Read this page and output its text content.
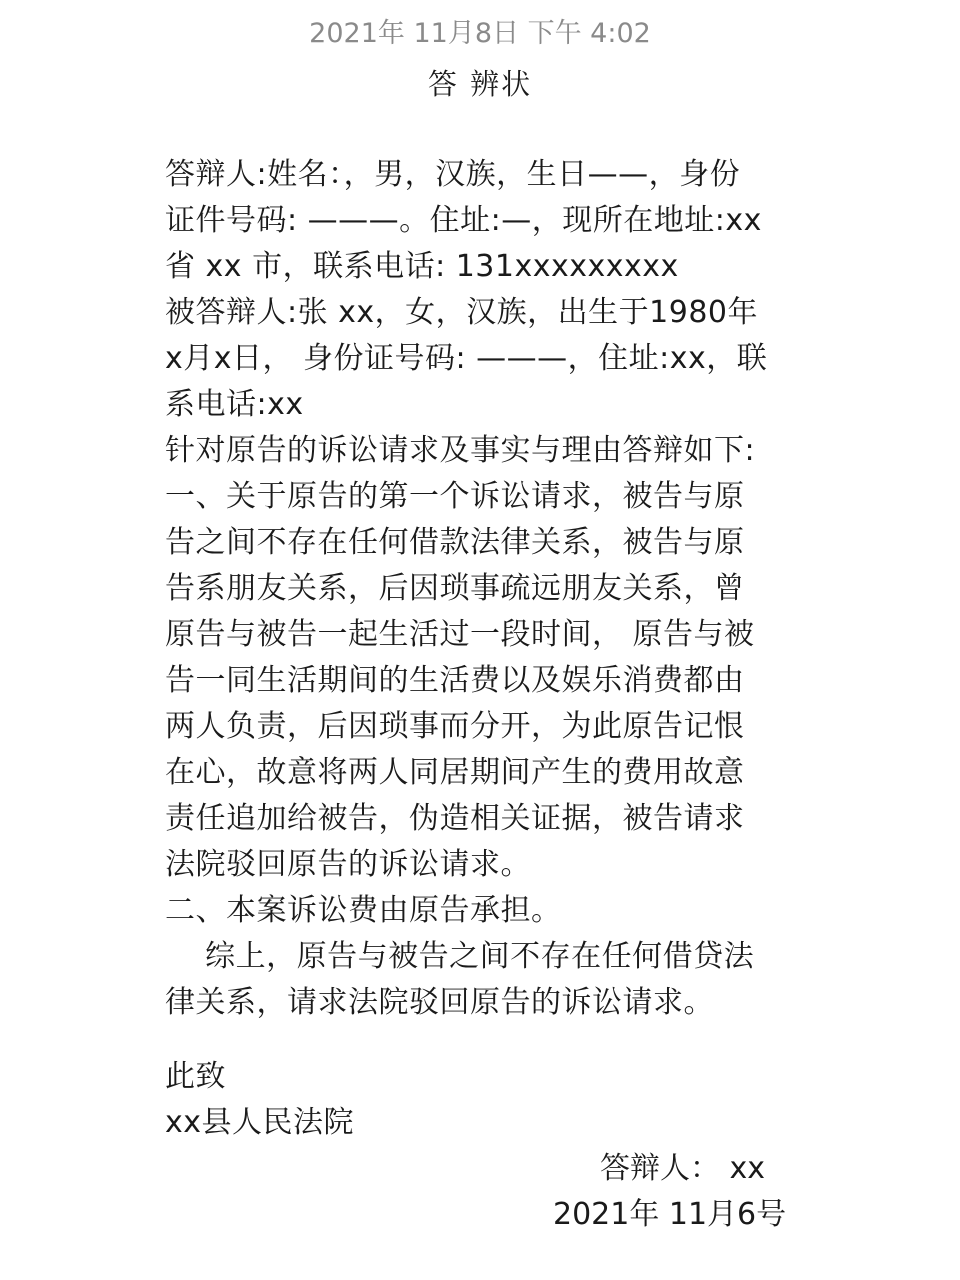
2021年 11月8日 下午 4:02
答 辨状
答辩人:姓名：，男，汉族，生日——，身份
证件号码: ———。住址:—，现所在地址:xx
省 xx 市，联系电话: 131xxxxxxxxx
被答辩人:张 xx，女，汉族，出生于1980年
x月x日， 身份证号码: ———，住址:xx，联
系电话:xx
针对原告的诉讼请求及事实与理由答辩如下:
一、关于原告的第一个诉讼请求，被告与原
告之间不存在任何借款法律关系，被告与原
告系朋友关系，后因琐事疏远朋友关系，曾
原告与被告一起生活过一段时间， 原告与被
告一同生活期间的生活费以及娱乐消费都由
两人负责，后因琐事而分开，为此原告记恨
在心，故意将两人同居期间产生的费用故意
责任追加给被告，伪造相关证据，被告请求
法院驳回原告的诉讼请求。
二、本案诉讼费由原告承担。
综上，原告与被告之间不存在任何借贷法
律关系，请求法院驳回原告的诉讼请求。
此致
xx县人民法院
答辩人： xx
2021年 11月6号
